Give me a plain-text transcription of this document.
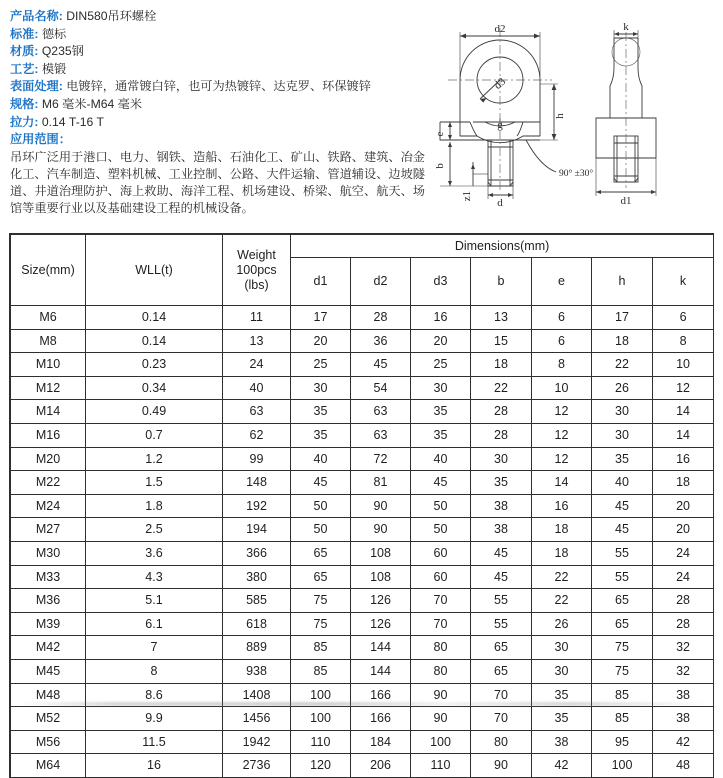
产品名称: DIN580吊环螺栓
标准: 德标
材质: Q235钢
工艺: 模锻
表面处理: 电镀锌，通常镀白锌，也可为热镀锌、达克罗、环保镀锌
规格: M6 毫米-M64 毫米
拉力: 0.14 T-16 T
应用范围：
吊环广泛用于港口、电力、钢铁、造船、石油化工、矿山、铁路、建筑、冶金化工、汽车制造、塑料机械、工业控制、公路、大件运输、管道辅设、边坡隧道、井道治理防护、海上救助、海洋工程、机场建设、桥梁、航空、航天、场馆等重要行业以及基础建设工程的机械设备。
d2
d3
h
e
g
b
z1
d
90° ±30°
k
d1
Size(mm)	WLL(t)	Weight
100pcs
(lbs)	Dimensions(mm)						
			d1	d2	d3	b	e	h	k
M6	0.14	11	17	28	16	13	6	17	6
M8	0.14	13	20	36	20	15	6	18	8
M10	0.23	24	25	45	25	18	8	22	10
M12	0.34	40	30	54	30	22	10	26	12
M14	0.49	63	35	63	35	28	12	30	14
M16	0.7	62	35	63	35	28	12	30	14
M20	1.2	99	40	72	40	30	12	35	16
M22	1.5	148	45	81	45	35	14	40	18
M24	1.8	192	50	90	50	38	16	45	20
M27	2.5	194	50	90	50	38	18	45	20
M30	3.6	366	65	108	60	45	18	55	24
M33	4.3	380	65	108	60	45	22	55	24
M36	5.1	585	75	126	70	55	22	65	28
M39	6.1	618	75	126	70	55	26	65	28
M42	7	889	85	144	80	65	30	75	32
M45	8	938	85	144	80	65	30	75	32
M48	8.6	1408	100	166	90	70	35	85	38
M52	9.9	1456	100	166	90	70	35	85	38
M56	11.5	1942	110	184	100	80	38	95	42
M64	16	2736	120	206	110	90	42	100	48
